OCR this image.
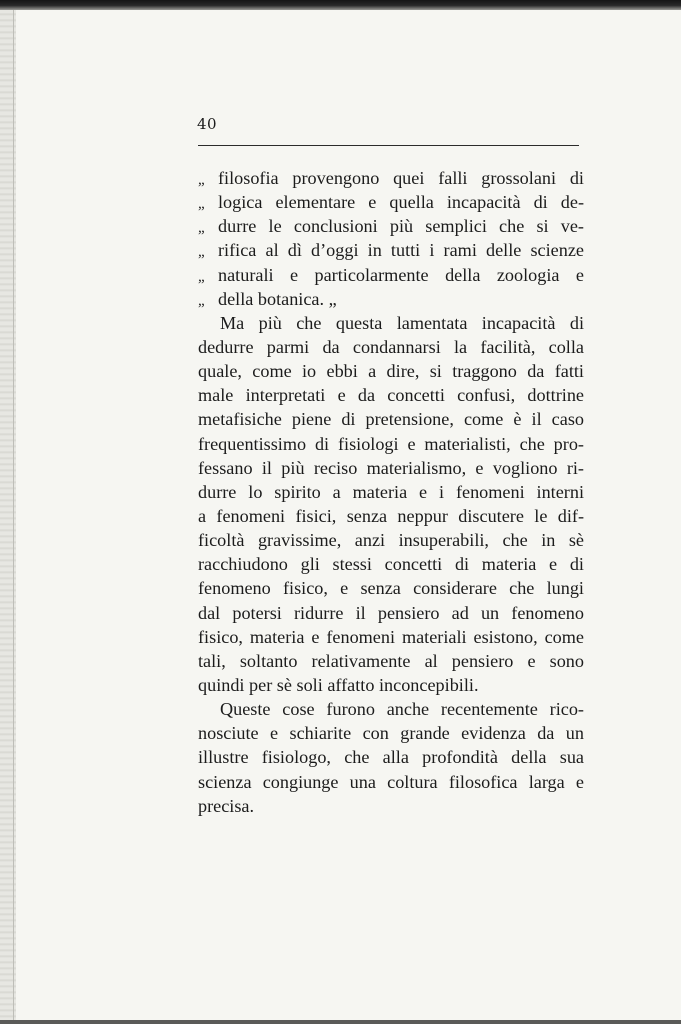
40
„ filosofia provengono quei falli grossolani di
„ logica elementare e quella incapacità di de-
„ durre le conclusioni più semplici che si ve-
„ rifica al dì d’oggi in tutti i rami delle scienze
„ naturali e particolarmente della zoologia e
„ della botanica. „
Ma più che questa lamentata incapacità di
dedurre parmi da condannarsi la facilità, colla
quale, come io ebbi a dire, si traggono da fatti
male interpretati e da concetti confusi, dottrine
metafisiche piene di pretensione, come è il caso
frequentissimo di fisiologi e materialisti, che pro-
fessano il più reciso materialismo, e vogliono ri-
durre lo spirito a materia e i fenomeni interni
a fenomeni fisici, senza neppur discutere le dif-
ficoltà gravissime, anzi insuperabili, che in sè
racchiudono gli stessi concetti di materia e di
fenomeno fisico, e senza considerare che lungi
dal potersi ridurre il pensiero ad un fenomeno
fisico, materia e fenomeni materiali esistono, come
tali, soltanto relativamente al pensiero e sono
quindi per sè soli affatto inconcepibili.
Queste cose furono anche recentemente rico-
nosciute e schiarite con grande evidenza da un
illustre fisiologo, che alla profondità della sua
scienza congiunge una coltura filosofica larga e
precisa.
